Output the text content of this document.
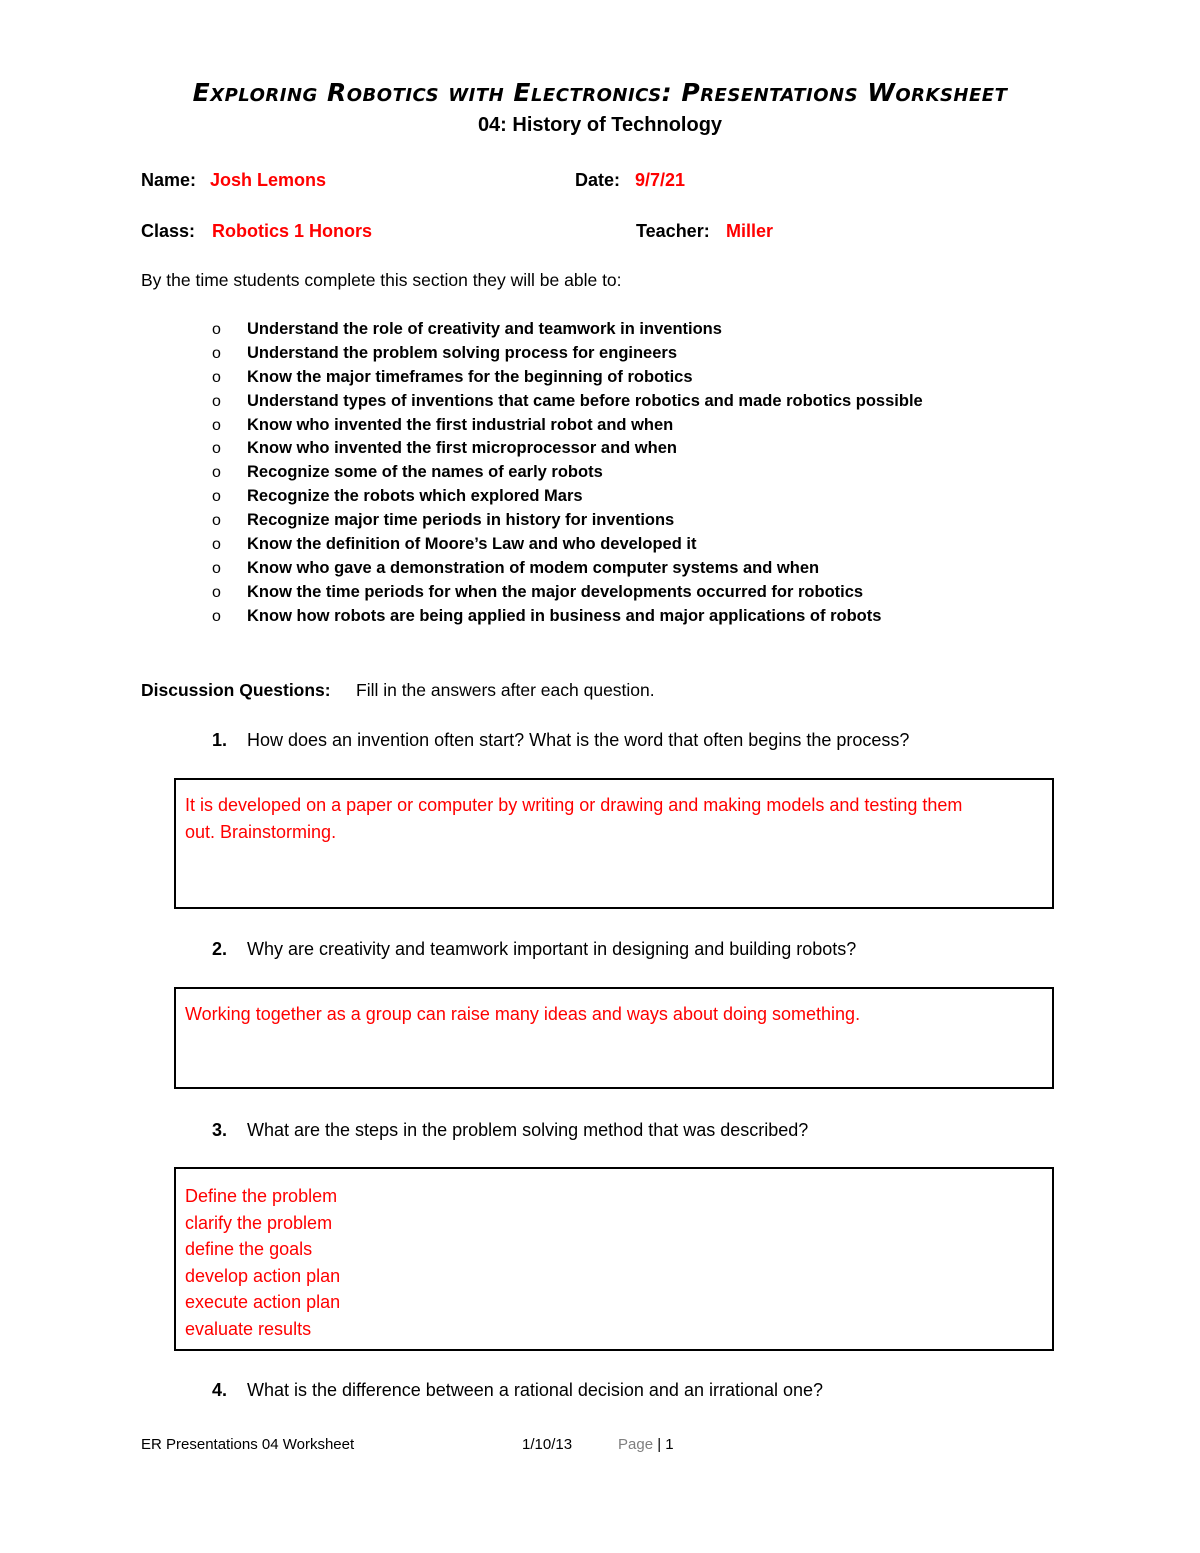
Exploring Robotics with Electronics: Presentations Worksheet
04: History of Technology
Name: Josh Lemons	Date: 9/7/21
Class: Robotics 1 Honors	Teacher: Miller
By the time students complete this section they will be able to:
o	Understand the role of creativity and teamwork in inventions
o	Understand the problem solving process for engineers
o	Know the major timeframes for the beginning of robotics
o	Understand types of inventions that came before robotics and made robotics possible
o	Know who invented the first industrial robot and when
o	Know who invented the first microprocessor and when
o	Recognize some of the names of early robots
o	Recognize the robots which explored Mars
o	Recognize major time periods in history for inventions
o	Know the definition of Moore’s Law and who developed it
o	Know who gave a demonstration of modem computer systems and when
o	Know the time periods for when the major developments occurred for robotics
o	Know how robots are being applied in business and major applications of robots
Discussion Questions: Fill in the answers after each question.
1. How does an invention often start? What is the word that often begins the process?
It is developed on a paper or computer by writing or drawing and making models and testing them
out. Brainstorming.
2. Why are creativity and teamwork important in designing and building robots?
Working together as a group can raise many ideas and ways about doing something.
3. What are the steps in the problem solving method that was described?
Define the problem
clarify the problem
define the goals
develop action plan
execute action plan
evaluate results
4. What is the difference between a rational decision and an irrational one?
ER Presentations 04 Worksheet	1/10/13	Page | 1
